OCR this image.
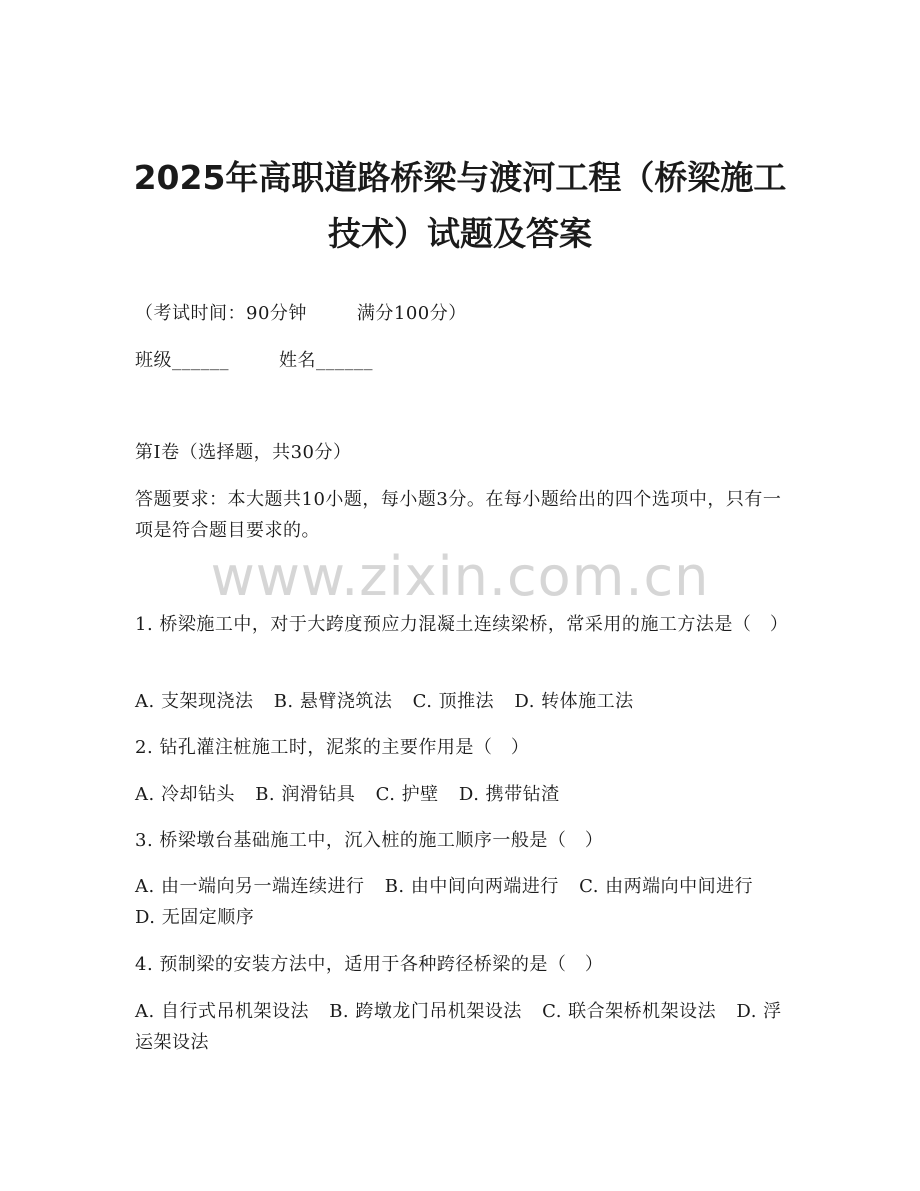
2025年高职道路桥梁与渡河工程（桥梁施工
技术）试题及答案
（考试时间：90分钟	满分100分）
班级______	姓名______
第I卷（选择题，共30分）
答题要求：本大题共10小题，每小题3分。在每小题给出的四个选项中，只有一项是符合题目要求的。
www.zixin.com.cn
1. 桥梁施工中，对于大跨度预应力混凝土连续梁桥，常采用的施工方法是（　）
A. 支架现浇法 B. 悬臂浇筑法 C. 顶推法 D. 转体施工法
2. 钻孔灌注桩施工时，泥浆的主要作用是（　）
A. 冷却钻头 B. 润滑钻具 C. 护壁 D. 携带钻渣
3. 桥梁墩台基础施工中，沉入桩的施工顺序一般是（　）
A. 由一端向另一端连续进行 B. 由中间向两端进行 C. 由两端向中间进行 D. 无固定顺序
4. 预制梁的安装方法中，适用于各种跨径桥梁的是（　）
A. 自行式吊机架设法 B. 跨墩龙门吊机架设法 C. 联合架桥机架设法 D. 浮运架设法
